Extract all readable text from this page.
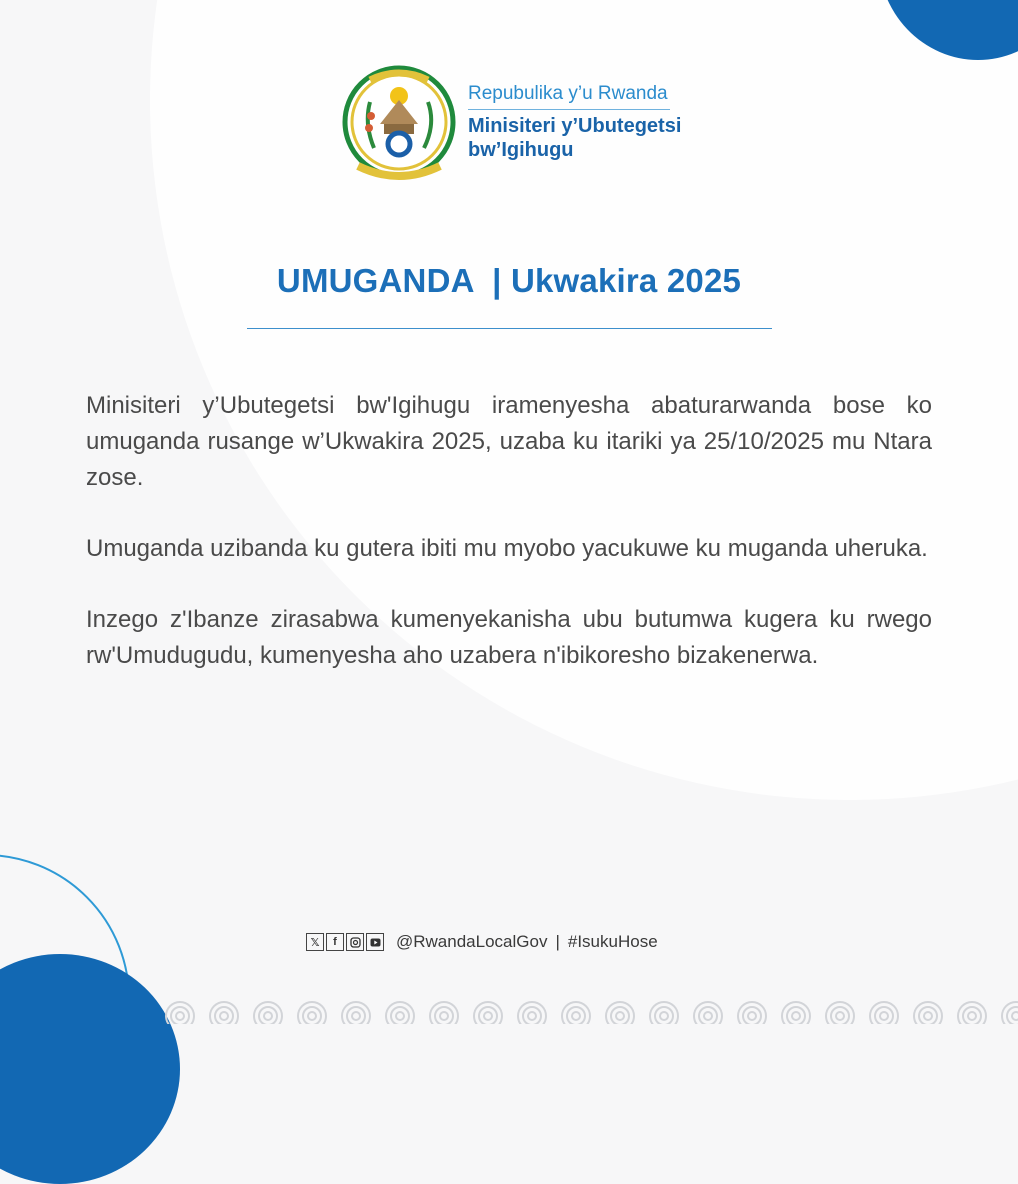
Repubulika y’u Rwanda
Minisiteri y’Ubutegetsi
bw’Igihugu
UMUGANDA  | Ukwakira 2025

Minisiteri y’Ubutegetsi bw'Igihugu iramenyesha abaturarwanda bose ko umuganda rusange w’Ukwakira 2025, uzaba ku itariki ya 25/10/2025 mu Ntara zose.

Umuganda uzibanda ku gutera ibiti mu myobo yacukuwe ku muganda uheruka.

Inzego z'Ibanze zirasabwa kumenyekanisha ubu butumwa kugera ku rwego rw'Umudugudu, kumenyesha aho uzabera n'ibikoresho bizakenerwa.

𝕏	f	@RwandaLocalGov | #IsukuHose
